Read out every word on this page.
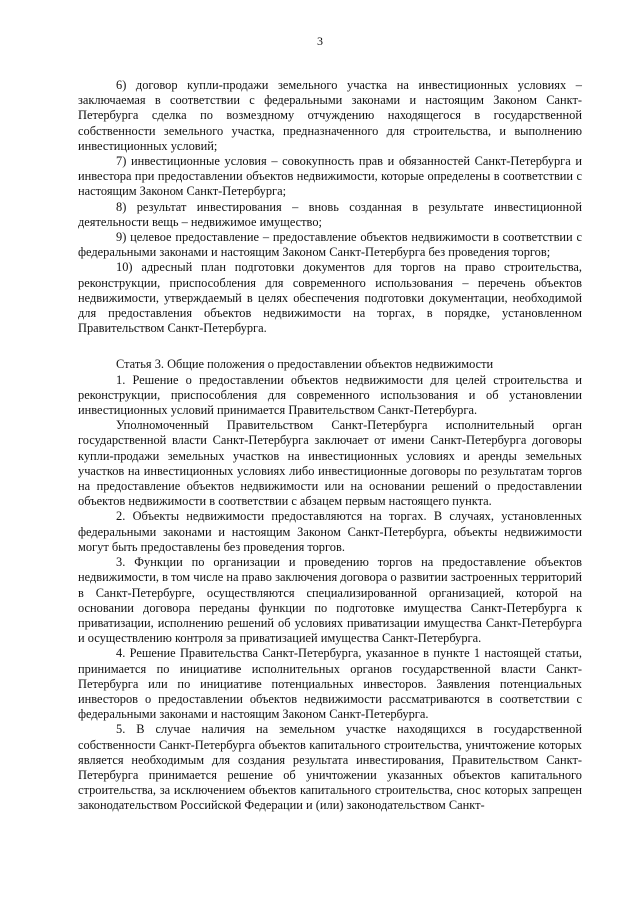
3

6) договор купли-продажи земельного участка на инвестиционных условиях – заключаемая в соответствии с федеральными законами и настоящим Законом Санкт-Петербурга сделка по возмездному отчуждению находящегося в государственной собственности земельного участка, предназначенного для строительства, и выполнению инвестиционных условий;

7) инвестиционные условия – совокупность прав и обязанностей Санкт-Петербурга и инвестора при предоставлении объектов недвижимости, которые определены в соответствии с настоящим Законом Санкт-Петербурга;

8) результат инвестирования – вновь созданная в результате инвестиционной деятельности вещь – недвижимое имущество;

9) целевое предоставление – предоставление объектов недвижимости в соответствии с федеральными законами и настоящим Законом Санкт-Петербурга без проведения торгов;

10) адресный план подготовки документов для торгов на право строительства, реконструкции, приспособления для современного использования – перечень объектов недвижимости, утверждаемый в целях обеспечения подготовки документации, необходимой для предоставления объектов недвижимости на торгах, в порядке, установленном Правительством Санкт-Петербурга.

Статья 3. Общие положения о предоставлении объектов недвижимости

1. Решение о предоставлении объектов недвижимости для целей строительства и реконструкции, приспособления для современного использования и об установлении инвестиционных условий принимается Правительством Санкт-Петербурга.

Уполномоченный Правительством Санкт-Петербурга исполнительный орган государственной власти Санкт-Петербурга заключает от имени Санкт-Петербурга договоры купли-продажи земельных участков на инвестиционных условиях и аренды земельных участков на инвестиционных условиях либо инвестиционные договоры по результатам торгов на предоставление объектов недвижимости или на основании решений о предоставлении объектов недвижимости в соответствии с абзацем первым настоящего пункта.

2. Объекты недвижимости предоставляются на торгах. В случаях, установленных федеральными законами и настоящим Законом Санкт-Петербурга, объекты недвижимости могут быть предоставлены без проведения торгов.

3. Функции по организации и проведению торгов на предоставление объектов недвижимости, в том числе на право заключения договора о развитии застроенных территорий в Санкт-Петербурге, осуществляются специализированной организацией, которой на основании договора переданы функции по подготовке имущества Санкт-Петербурга к приватизации, исполнению решений об условиях приватизации имущества Санкт-Петербурга и осуществлению контроля за приватизацией имущества Санкт-Петербурга.

4. Решение Правительства Санкт-Петербурга, указанное в пункте 1 настоящей статьи, принимается по инициативе исполнительных органов государственной власти Санкт-Петербурга или по инициативе потенциальных инвесторов. Заявления потенциальных инвесторов о предоставлении объектов недвижимости рассматриваются в соответствии с федеральными законами и настоящим Законом Санкт-Петербурга.

5. В случае наличия на земельном участке находящихся в государственной собственности Санкт-Петербурга объектов капитального строительства, уничтожение которых является необходимым для создания результата инвестирования, Правительством Санкт-Петербурга принимается решение об уничтожении указанных объектов капитального строительства, за исключением объектов капитального строительства, снос которых запрещен законодательством Российской Федерации и (или) законодательством Санкт-
